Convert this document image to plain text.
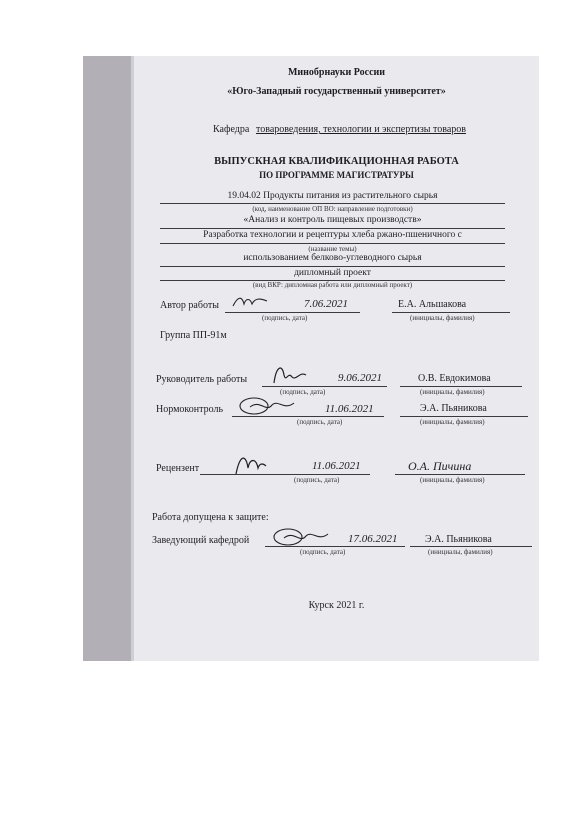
Минобрнауки России
«Юго-Западный государственный университет»
Кафедра товароведения, технологии и экспертизы товаров
ВЫПУСКНАЯ КВАЛИФИКАЦИОННАЯ РАБОТА
ПО ПРОГРАММЕ МАГИСТРАТУРЫ
19.04.02 Продукты питания из растительного сырья
(код, наименование ОП ВО: направление подготовки)
«Анализ и контроль пищевых производств»
Разработка технологии и рецептуры хлеба ржано-пшеничного с
(название темы)
использованием белково-углеводного сырья
дипломный проект
(вид ВКР: дипломная работа или дипломный проект)
Автор работы	7.06.2021	Е.А. Альшакова
(подпись, дата)	(инициалы, фамилия)
Группа ПП-91м
Руководитель работы	9.06.2021	О.В. Евдокимова
(подпись, дата)	(инициалы, фамилия)
Нормоконтроль	11.06.2021	Э.А. Пьяникова
(подпись, дата)	(инициалы, фамилия)
Рецензент	11.06.2021	О.А. Пичина
(подпись, дата)	(инициалы, фамилия)
Работа допущена к защите:
Заведующий кафедрой	17.06.2021	Э.А. Пьяникова
(подпись, дата)	(инициалы, фамилия)
Курск 2021 г.
